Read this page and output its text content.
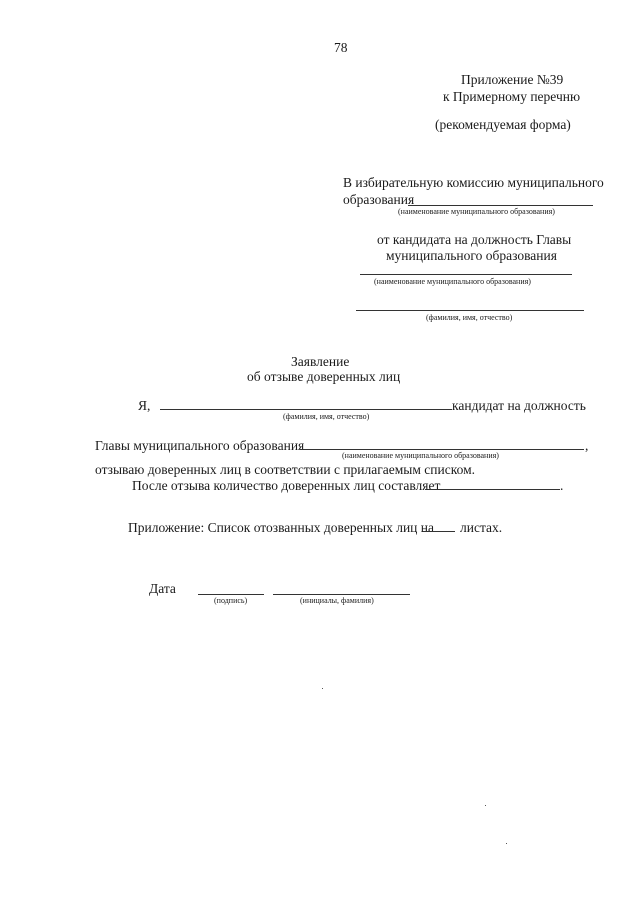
78
Приложение №39
к Примерному перечню
(рекомендуемая форма)
В избирательную комиссию муниципального
образования
(наименование муниципального образования)
от кандидата на должность Главы
муниципального образования
(наименование муниципального образования)
(фамилия, имя, отчество)
Заявление
об отзыве доверенных лиц
Я,	кандидат на должность
(фамилия, имя, отчество)
Главы муниципального образования	,
(наименование муниципального образования)
отзываю доверенных лиц в соответствии с прилагаемым списком.
После отзыва количество доверенных лиц составляет	.
Приложение: Список отозванных доверенных лиц на листах.
Дата
(подпись)	(инициалы, фамилия)
